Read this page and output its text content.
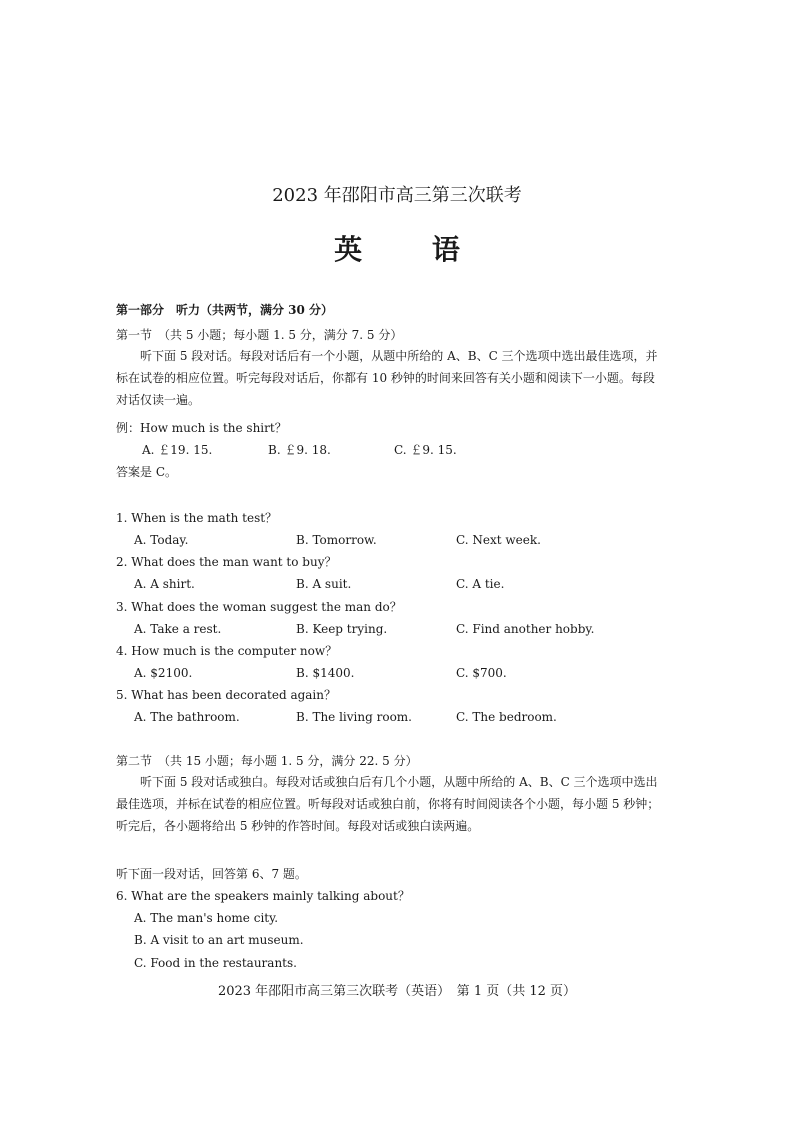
2023 年邵阳市高三第三次联考
英 语
第一部分　听力（共两节，满分 30 分）
第一节　（共 5 小题；每小题 1. 5 分，满分 7. 5 分）
听下面 5 段对话。每段对话后有一个小题，从题中所给的 A、B、C 三个选项中选出最佳选项，并标在试卷的相应位置。听完每段对话后，你都有 10 秒钟的时间来回答有关小题和阅读下一小题。每段对话仅读一遍。
例：How much is the shirt？
A. ￡19. 15.	B. ￡9. 18.	C. ￡9. 15.
答案是 C。
1. When is the math test？
A. Today.	B. Tomorrow.	C. Next week.
2. What does the man want to buy？
A. A shirt.	B. A suit.	C. A tie.
3. What does the woman suggest the man do？
A. Take a rest.	B. Keep trying.	C. Find another hobby.
4. How much is the computer now？
A. $2100.	B. $1400.	C. $700.
5. What has been decorated again？
A. The bathroom.	B. The living room.	C. The bedroom.
第二节　（共 15 小题；每小题 1. 5 分，满分 22. 5 分）
听下面 5 段对话或独白。每段对话或独白后有几个小题，从题中所给的 A、B、C 三个选项中选出最佳选项，并标在试卷的相应位置。听每段对话或独白前，你将有时间阅读各个小题，每小题 5 秒钟；听完后，各小题将给出 5 秒钟的作答时间。每段对话或独白读两遍。
听下面一段对话，回答第 6、7 题。
6. What are the speakers mainly talking about？
A. The man's home city.
B. A visit to an art museum.
C. Food in the restaurants.
2023 年邵阳市高三第三次联考（英语）　第 1 页（共 12 页）
